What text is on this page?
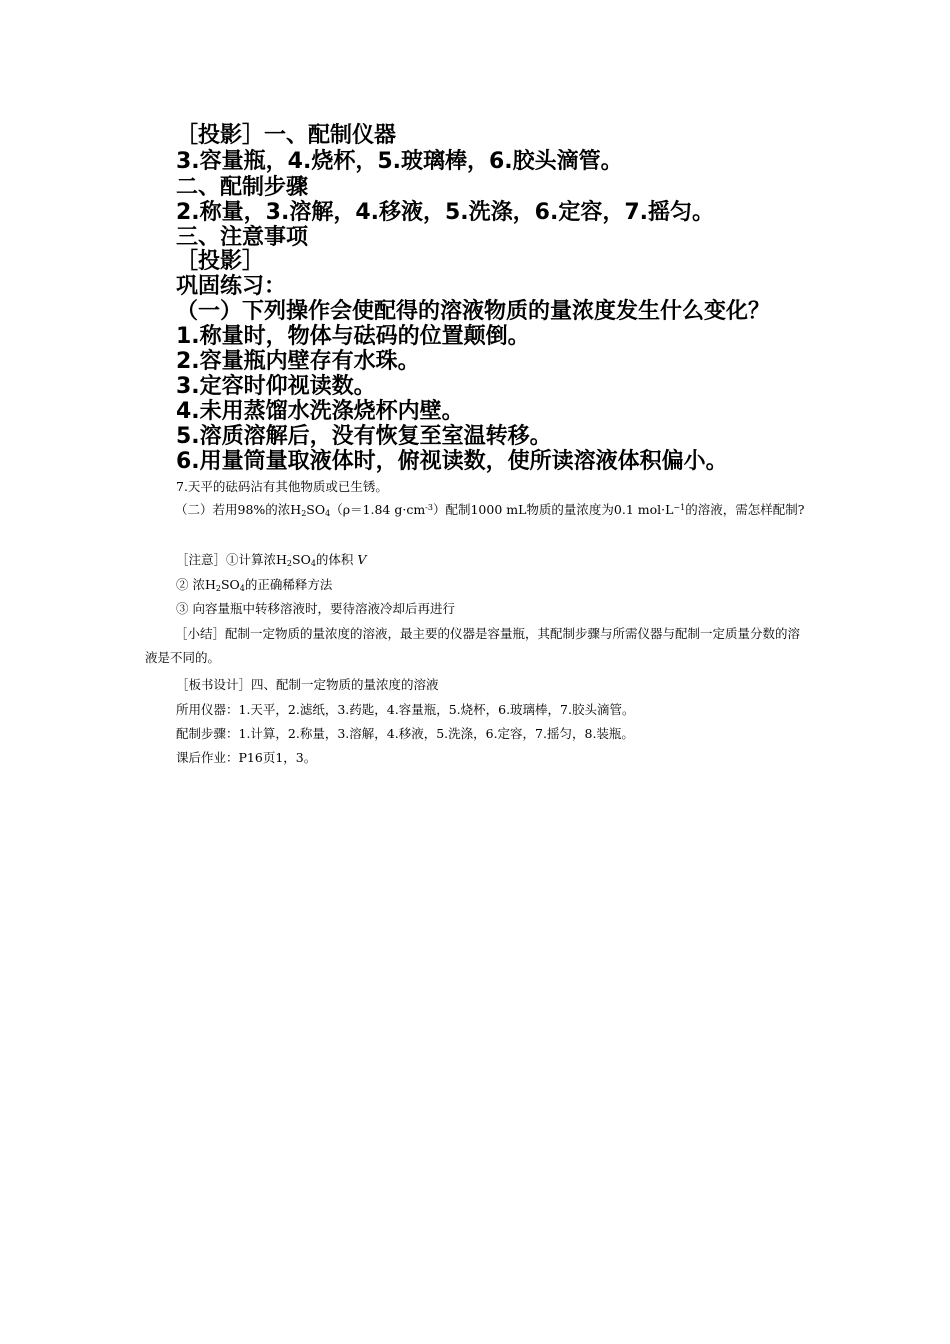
［投影］一、配制仪器
3.容量瓶，4.烧杯，5.玻璃棒，6.胶头滴管。
二、配制步骤
2.称量，3.溶解，4.移液，5.洗涤，6.定容，7.摇匀。
三、注意事项
［投影］
巩固练习：
（一）下列操作会使配得的溶液物质的量浓度发生什么变化？
1.称量时，物体与砝码的位置颠倒。
2.容量瓶内壁存有水珠。
3.定容时仰视读数。
4.未用蒸馏水洗涤烧杯内壁。
5.溶质溶解后，没有恢复至室温转移。
6.用量筒量取液体时，俯视读数，使所读溶液体积偏小。
7.天平的砝码沾有其他物质或已生锈。
（二）若用98%的浓$H_2SO_4(\rho=1.84$ $g\cdot cm^{-3}$）配制1000 mL物质的量浓度为0.1 $mol\cdot L^{-1}$的溶液，需怎样配制?
［注意］①计算浓$H_2SO_4$的体积 V
② 浓$H_2SO_4$的正确稀释方法
③ 向容量瓶中转移溶液时，要待溶液冷却后再进行
［小结］配制一定物质的量浓度的溶液，最主要的仪器是容量瓶，其配制步骤与所需仪器与配制一定质量分数的溶液是不同的。
［板书设计］四、配制一定物质的量浓度的溶液
所用仪器：1.天平，2.滤纸，3.药匙，4.容量瓶，5.烧杯，6.玻璃棒，7.胶头滴管。
配制步骤：1.计算，2.称量，3.溶解，4.移液，5.洗涤，6.定容，7.摇匀，8.装瓶。
课后作业：P16页1，3。
